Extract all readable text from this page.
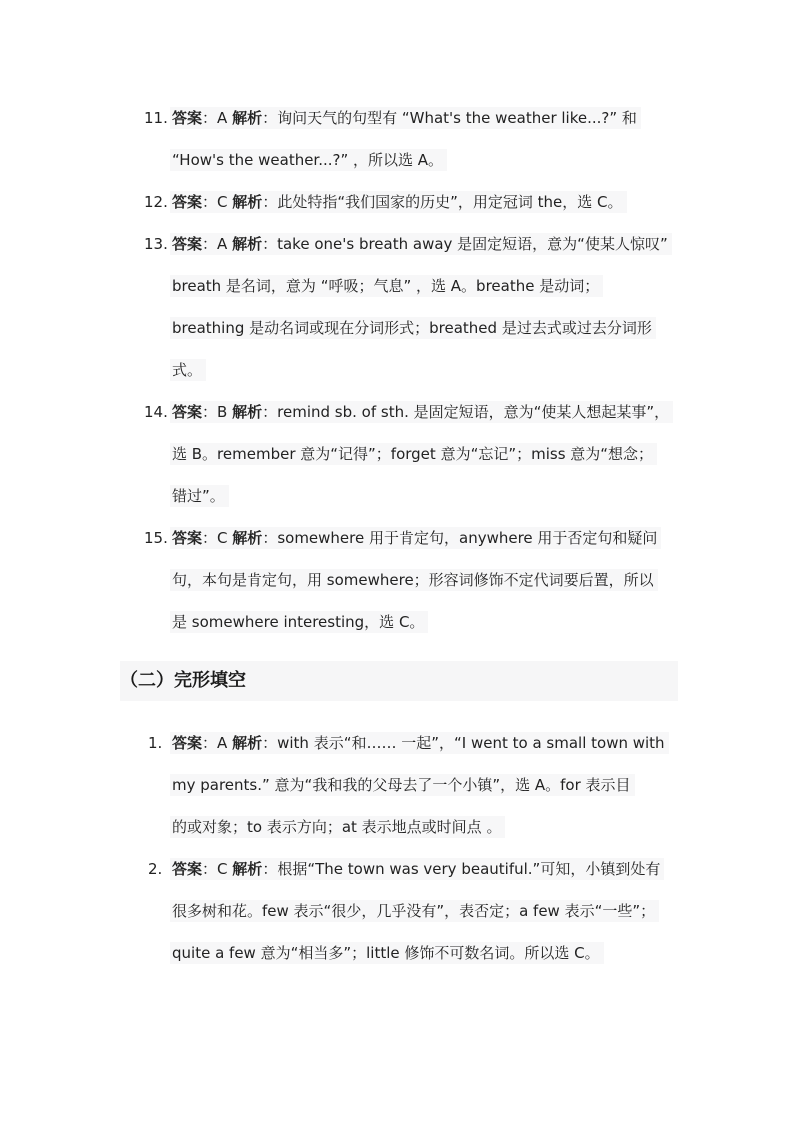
11. 答案：A 解析：询问天气的句型有 “What's the weather like...?” 和
“How's the weather...?” ，所以选 A。
12. 答案：C 解析：此处特指“我们国家的历史”，用定冠词 the，选 C。
13. 答案：A 解析：take one's breath away 是固定短语，意为“使某人惊叹”
breath 是名词，意为 “呼吸；气息” ，选 A。breathe 是动词；
breathing 是动名词或现在分词形式；breathed 是过去式或过去分词形
式。
14. 答案：B 解析：remind sb. of sth. 是固定短语，意为“使某人想起某事”，
选 B。remember 意为“记得”；forget 意为“忘记”；miss 意为“想念；
错过”。
15. 答案：C 解析：somewhere 用于肯定句，anywhere 用于否定句和疑问
句，本句是肯定句，用 somewhere；形容词修饰不定代词要后置，所以
是 somewhere interesting，选 C。
（二）完形填空
1. 答案：A 解析：with 表示“和…… 一起”，“I went to a small town with
my parents.” 意为“我和我的父母去了一个小镇”，选 A。for 表示目
的或对象；to 表示方向；at 表示地点或时间点 。
2. 答案：C 解析：根据“The town was very beautiful.”可知，小镇到处有
很多树和花。few 表示“很少，几乎没有”，表否定；a few 表示“一些”；
quite a few 意为“相当多”；little 修饰不可数名词。所以选 C。
